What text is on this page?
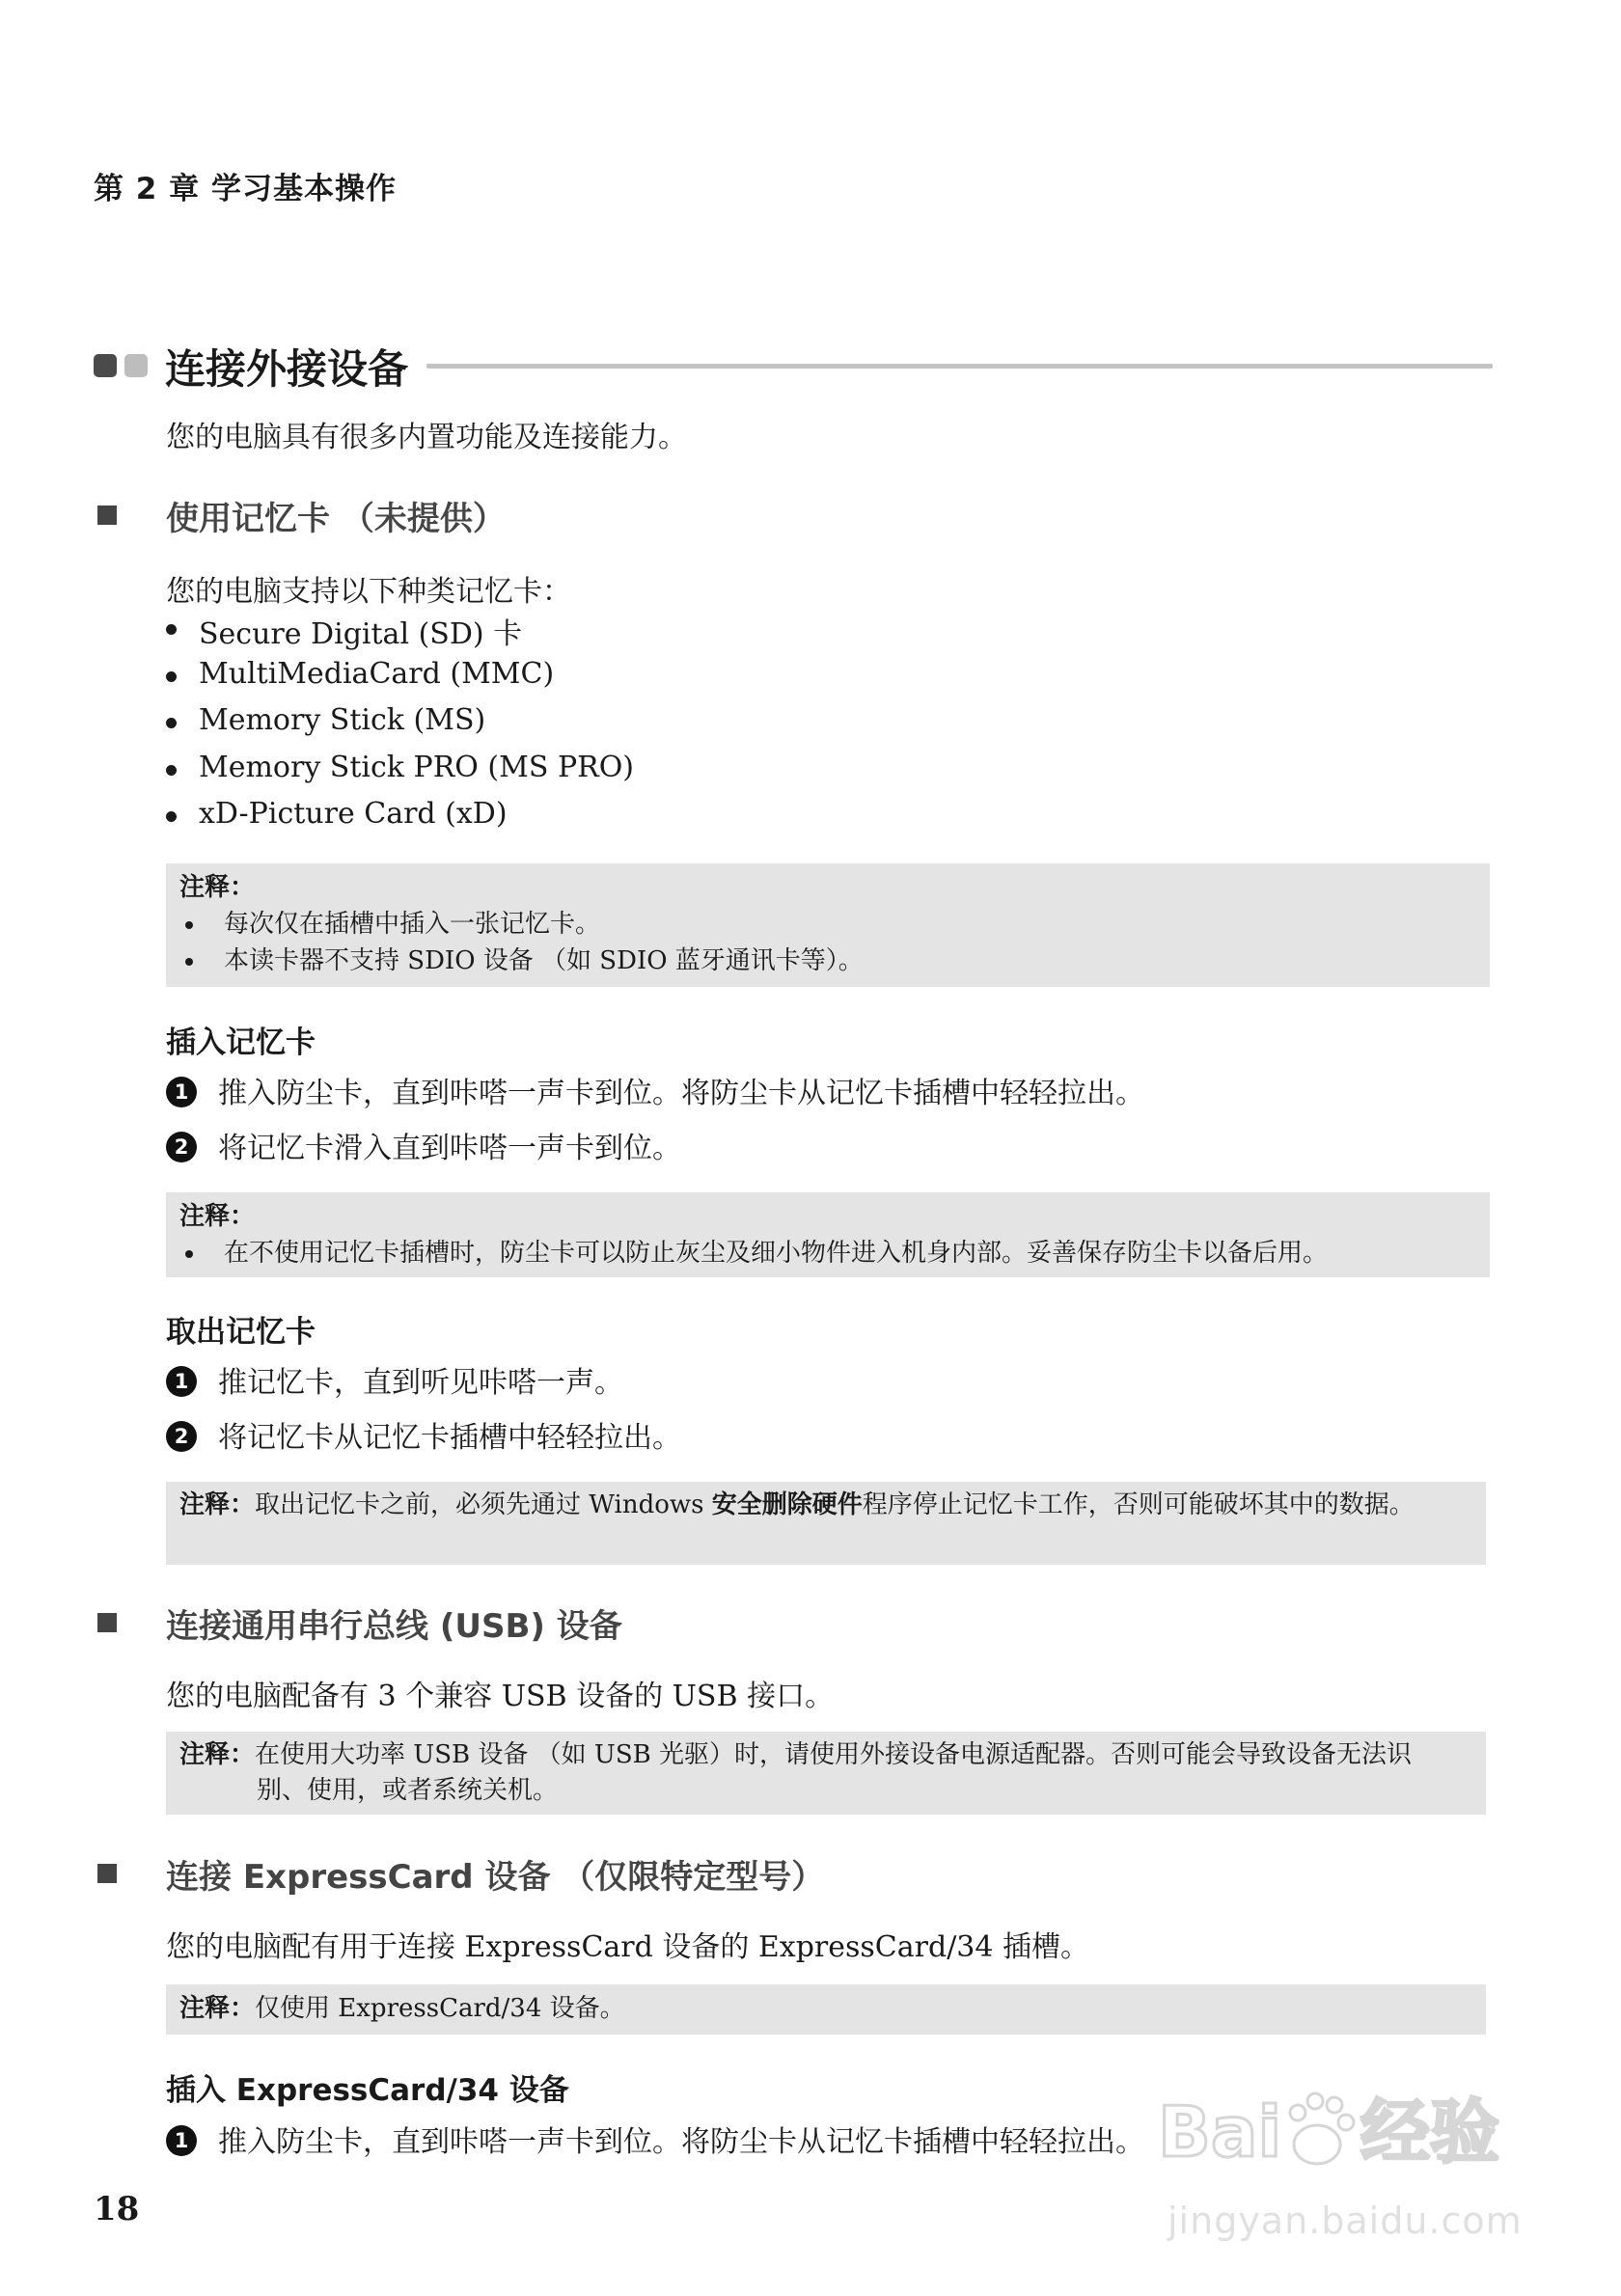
第 2 章 学习基本操作
连接外接设备
您的电脑具有很多内置功能及连接能力。
使用记忆卡 （未提供）
您的电脑支持以下种类记忆卡：
Secure Digital (SD) 卡
MultiMediaCard (MMC)
Memory Stick (MS)
Memory Stick PRO (MS PRO)
xD-Picture Card (xD)
注释：
每次仅在插槽中插入一张记忆卡。
本读卡器不支持 SDIO 设备 （如 SDIO 蓝牙通讯卡等）。
插入记忆卡
1 推入防尘卡，直到咔嗒一声卡到位。将防尘卡从记忆卡插槽中轻轻拉出。
2 将记忆卡滑入直到咔嗒一声卡到位。
注释：
在不使用记忆卡插槽时，防尘卡可以防止灰尘及细小物件进入机身内部。妥善保存防尘卡以备后用。
取出记忆卡
1 推记忆卡，直到听见咔嗒一声。
2 将记忆卡从记忆卡插槽中轻轻拉出。
注释：取出记忆卡之前，必须先通过 Windows 安全删除硬件程序停止记忆卡工作，否则可能破坏其中的数据。
连接通用串行总线 (USB) 设备
您的电脑配备有 3 个兼容 USB 设备的 USB 接口。
注释：在使用大功率 USB 设备 （如 USB 光驱）时，请使用外接设备电源适配器。否则可能会导致设备无法识别、使用，或者系统关机。
连接 ExpressCard 设备 （仅限特定型号）
您的电脑配有用于连接 ExpressCard 设备的 ExpressCard/34 插槽。
注释：仅使用 ExpressCard/34 设备。
插入 ExpressCard/34 设备
1 推入防尘卡，直到咔嗒一声卡到位。将防尘卡从记忆卡插槽中轻轻拉出。
18
Bai 经验
jingyan.baidu.com
